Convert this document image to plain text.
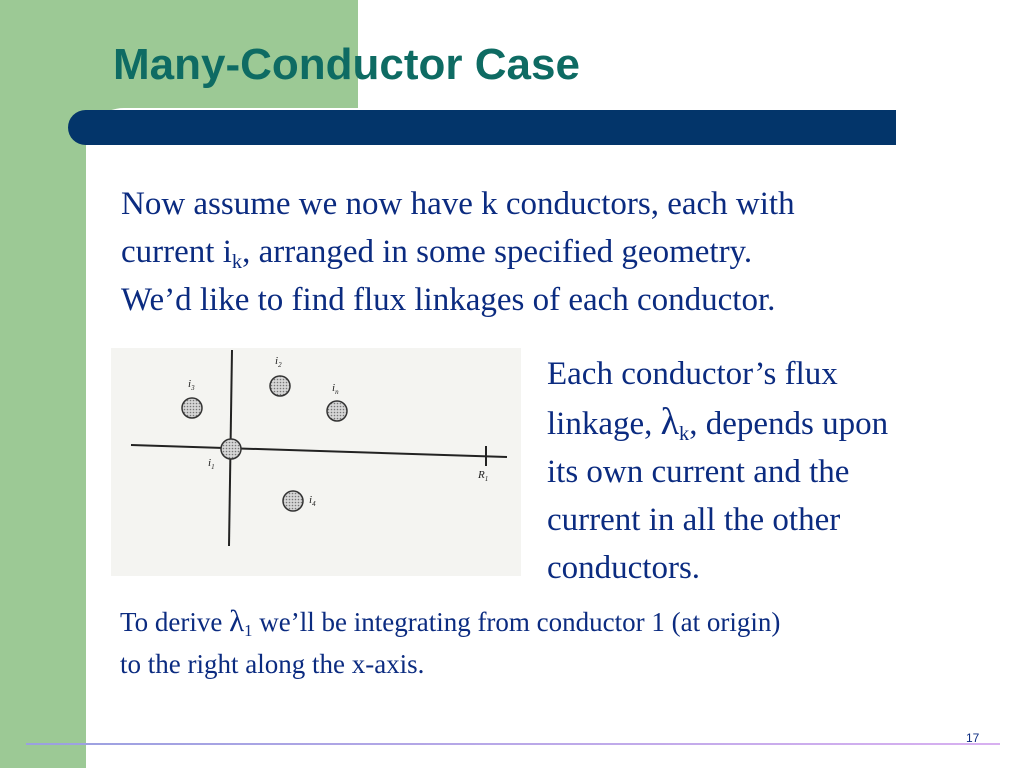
Many-Conductor Case

Now assume we now have k conductors, each with
current $i_k$, arranged in some specified geometry.
We’d like to find flux linkages of each conductor.

$i_1$
$i_2$
$i_3$	$i_n$
$i_4$
$R_1$

Each conductor’s flux
linkage, $\lambda_k$, depends upon
its own current and the
current in all the other
conductors.

To derive $\lambda_1$ we’ll be integrating from conductor 1 (at origin)
to the right along the x-axis.

17
